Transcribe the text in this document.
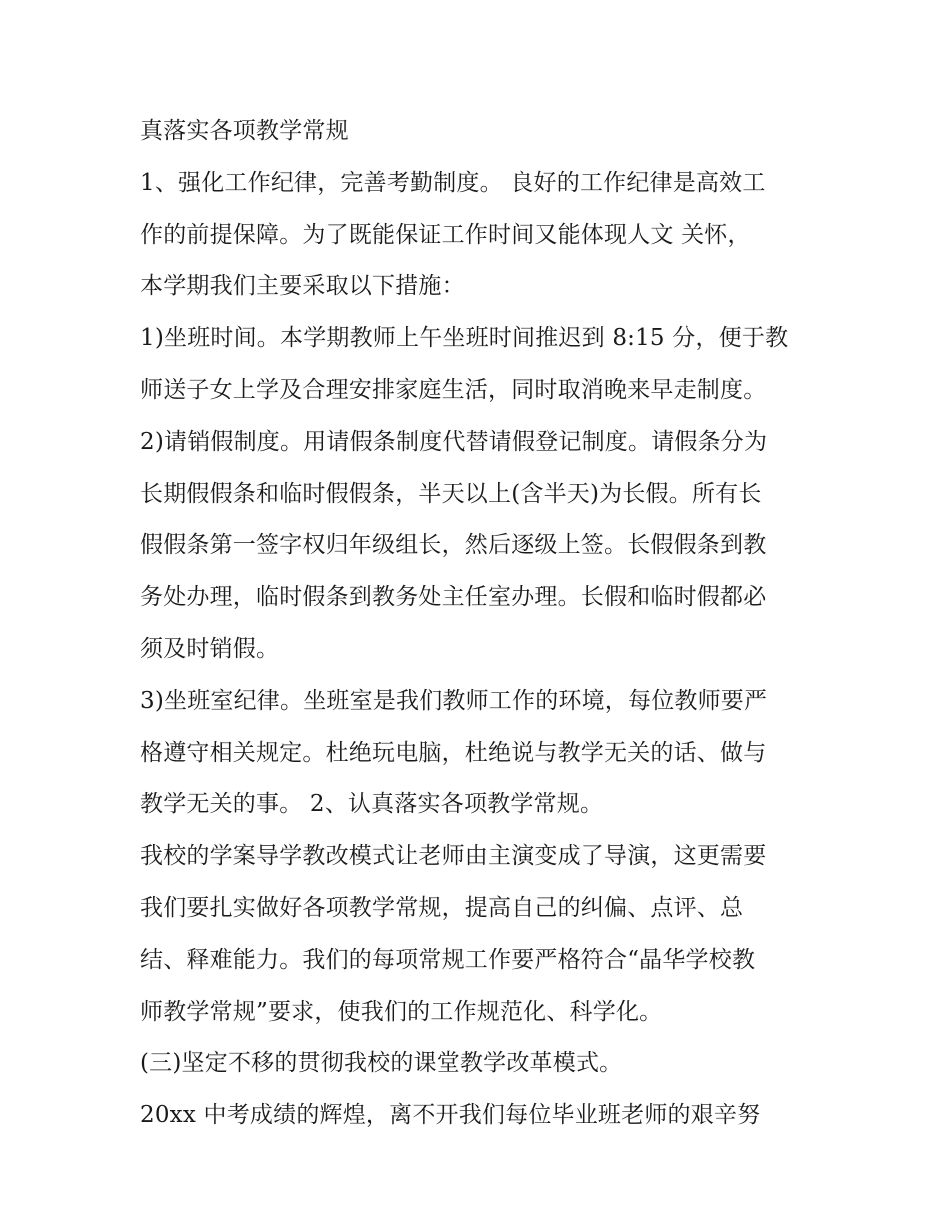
真落实各项教学常规
1、强化工作纪律，完善考勤制度。 良好的工作纪律是高效工
作的前提保障。为了既能保证工作时间又能体现人文 关怀，
本学期我们主要采取以下措施：
1)坐班时间。本学期教师上午坐班时间推迟到 8:15 分，便于教
师送子女上学及合理安排家庭生活，同时取消晚来早走制度。
2)请销假制度。用请假条制度代替请假登记制度。请假条分为
长期假假条和临时假假条，半天以上(含半天)为长假。所有长
假假条第一签字权归年级组长，然后逐级上签。长假假条到教
务处办理，临时假条到教务处主任室办理。长假和临时假都必
须及时销假。
3)坐班室纪律。坐班室是我们教师工作的环境，每位教师要严
格遵守相关规定。杜绝玩电脑，杜绝说与教学无关的话、做与
教学无关的事。 2、认真落实各项教学常规。
我校的学案导学教改模式让老师由主演变成了导演，这更需要
我们要扎实做好各项教学常规，提高自己的纠偏、点评、总
结、释难能力。我们的每项常规工作要严格符合“晶华学校教
师教学常规”要求，使我们的工作规范化、科学化。
(三)坚定不移的贯彻我校的课堂教学改革模式。
20xx 中考成绩的辉煌，离不开我们每位毕业班老师的艰辛努
